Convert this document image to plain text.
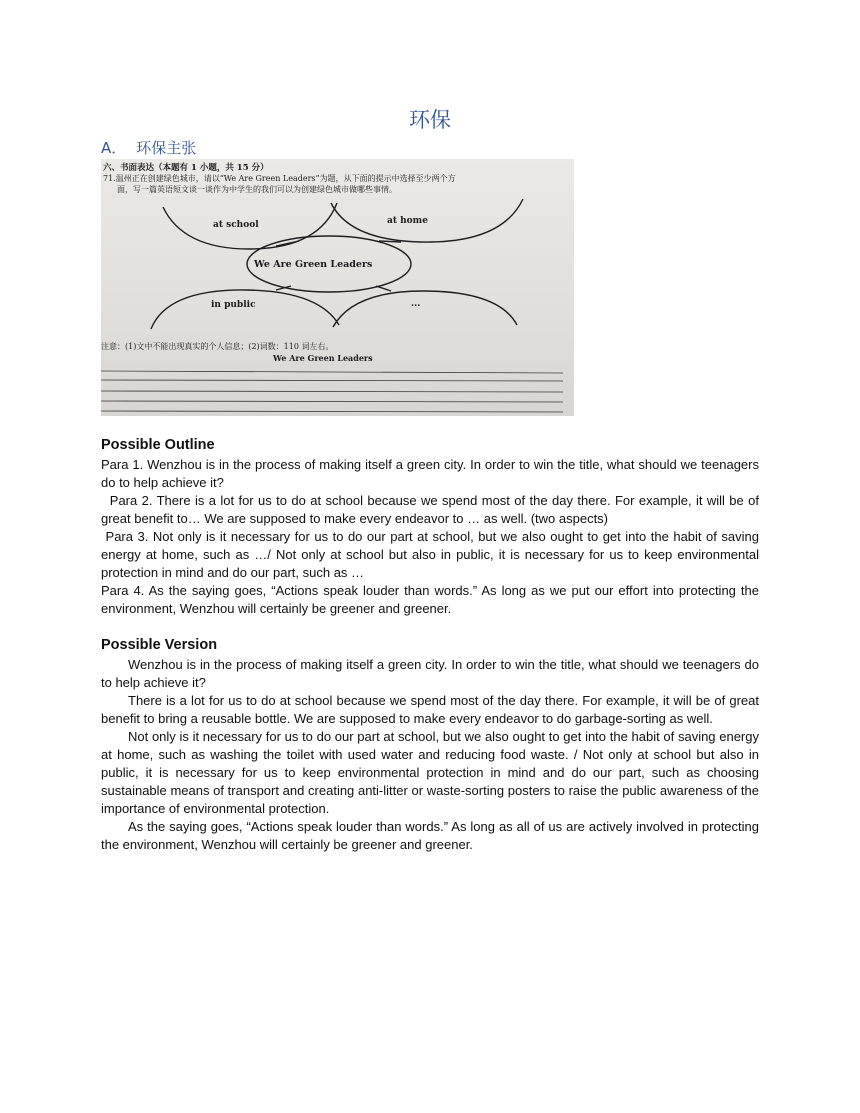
环保
A． 环保主张
六、书面表达（本题有 1 小题，共 15 分）
71.温州正在创建绿色城市，请以“We Are Green Leaders”为题，从下面的提示中选择至少两个方
面，写一篇英语短文谈一谈作为中学生的我们可以为创建绿色城市做哪些事情。
at school	at home
We Are Green Leaders
in public	...
注意：(1)文中不能出现真实的个人信息；(2)词数：110 词左右。
We Are Green Leaders
Possible Outline

Para 1. Wenzhou is in the process of making itself a green city. In order to win the title, what should we teenagers do to help achieve it?

Para 2. There is a lot for us to do at school because we spend most of the day there. For example, it will be of great benefit to… We are supposed to make every endeavor to … as well. (two aspects)

Para 3. Not only is it necessary for us to do our part at school, but we also ought to get into the habit of saving energy at home, such as …/ Not only at school but also in public, it is necessary for us to keep environmental protection in mind and do our part, such as …

Para 4. As the saying goes, “Actions speak louder than words.” As long as we put our effort into protecting the environment, Wenzhou will certainly be greener and greener.

Possible Version

Wenzhou is in the process of making itself a green city. In order to win the title, what should we teenagers do to help achieve it?

There is a lot for us to do at school because we spend most of the day there. For example, it will be of great benefit to bring a reusable bottle. We are supposed to make every endeavor to do garbage-sorting as well.

Not only is it necessary for us to do our part at school, but we also ought to get into the habit of saving energy at home, such as washing the toilet with used water and reducing food waste. / Not only at school but also in public, it is necessary for us to keep environmental protection in mind and do our part, such as choosing sustainable means of transport and creating anti-litter or waste-sorting posters to raise the public awareness of the importance of environmental protection.

As the saying goes, “Actions speak louder than words.” As long as all of us are actively involved in protecting the environment, Wenzhou will certainly be greener and greener.
